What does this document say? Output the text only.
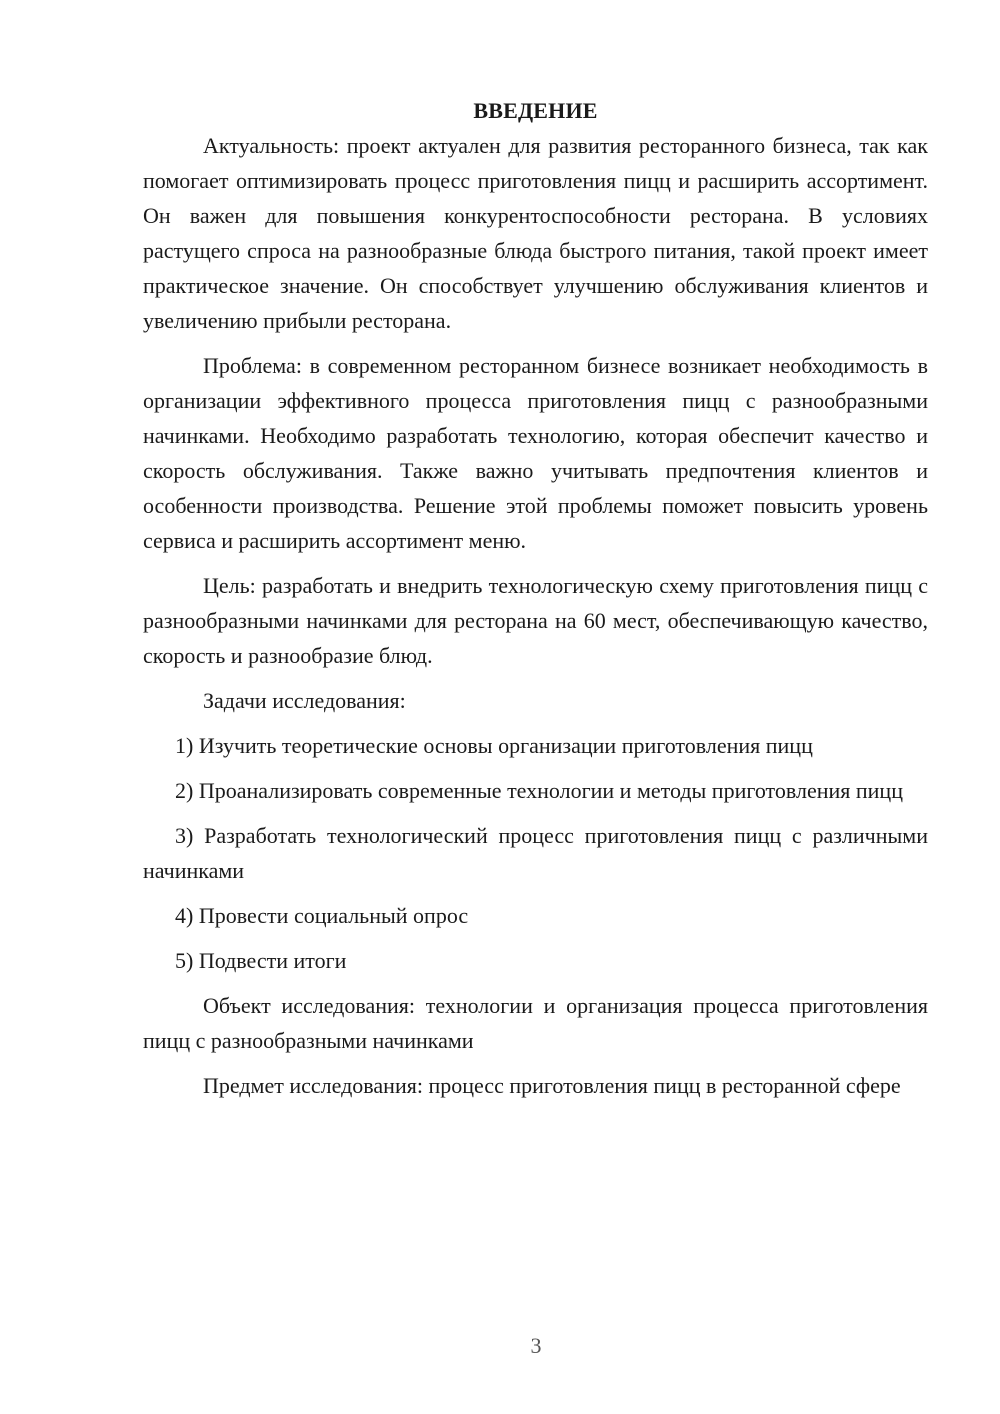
ВВЕДЕНИЕ

Актуальность: проект актуален для развития ресторанного бизнеса, так как помогает оптимизировать процесс приготовления пицц и расширить ассортимент. Он важен для повышения конкурентоспособности ресторана. В условиях растущего спроса на разнообразные блюда быстрого питания, такой проект имеет практическое значение. Он способствует улучшению обслуживания клиентов и увеличению прибыли ресторана.

Проблема: в современном ресторанном бизнесе возникает необходимость в организации эффективного процесса приготовления пицц с разнообразными начинками. Необходимо разработать технологию, которая обеспечит качество и скорость обслуживания. Также важно учитывать предпочтения клиентов и особенности производства. Решение этой проблемы поможет повысить уровень сервиса и расширить ассортимент меню.

Цель: разработать и внедрить технологическую схему приготовления пицц с разнообразными начинками для ресторана на 60 мест, обеспечивающую качество, скорость и разнообразие блюд.

Задачи исследования:

1) Изучить теоретические основы организации приготовления пицц

2) Проанализировать современные технологии и методы приготовления пицц

3) Разработать технологический процесс приготовления пицц с различными начинками

4) Провести социальный опрос

5) Подвести итоги

Объект исследования: технологии и организация процесса приготовления пицц с разнообразными начинками

Предмет исследования: процесс приготовления пицц в ресторанной сфере

3
